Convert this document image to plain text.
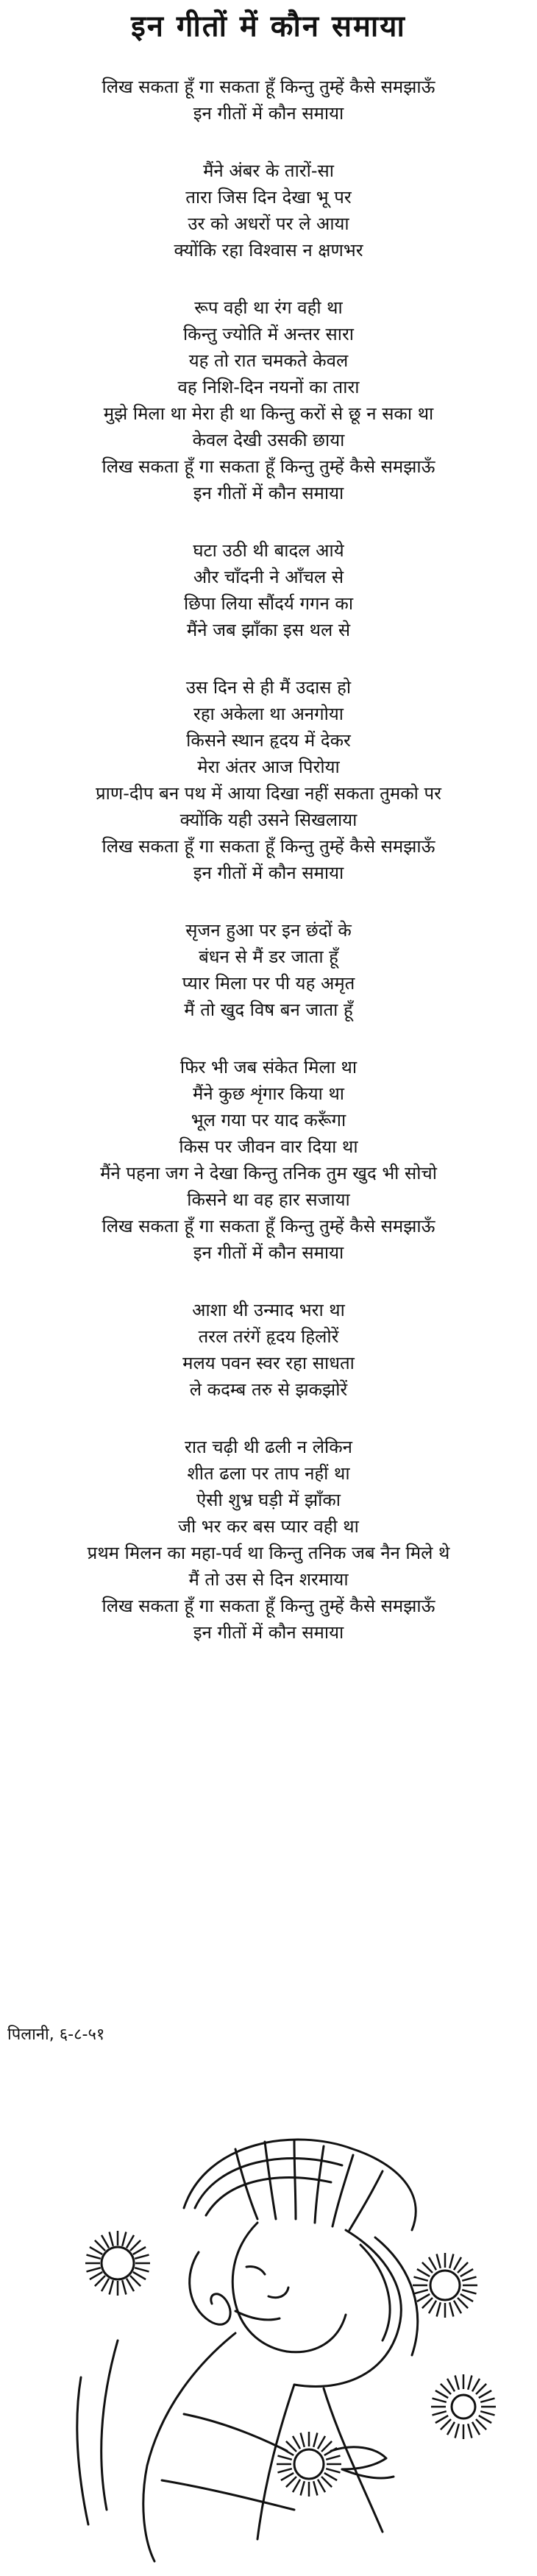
इन गीतों में कौन समाया
लिख सकता हूँ गा सकता हूँ किन्तु तुम्हें कैसे समझाऊँ
इन गीतों में कौन समाया
मैंने अंबर के तारों-सा
तारा जिस दिन देखा भू पर
उर को अधरों पर ले आया
क्योंकि रहा विश्वास न क्षणभर
रूप वही था रंग वही था
किन्तु ज्योति में अन्तर सारा
यह तो रात चमकते केवल
वह निशि-दिन नयनों का तारा
मुझे मिला था मेरा ही था किन्तु करों से छू न सका था
केवल देखी उसकी छाया
लिख सकता हूँ गा सकता हूँ किन्तु तुम्हें कैसे समझाऊँ
इन गीतों में कौन समाया
घटा उठी थी बादल आये
और चाँदनी ने आँचल से
छिपा लिया सौंदर्य गगन का
मैंने जब झाँका इस थल से
उस दिन से ही मैं उदास हो
रहा अकेला था अनगोया
किसने स्थान हृदय में देकर
मेरा अंतर आज पिरोया
प्राण-दीप बन पथ में आया दिखा नहीं सकता तुमको पर
क्योंकि यही उसने सिखलाया
लिख सकता हूँ गा सकता हूँ किन्तु तुम्हें कैसे समझाऊँ
इन गीतों में कौन समाया
सृजन हुआ पर इन छंदों के
बंधन से मैं डर जाता हूँ
प्यार मिला पर पी यह अमृत
मैं तो खुद विष बन जाता हूँ
फिर भी जब संकेत मिला था
मैंने कुछ शृंगार किया था
भूल गया पर याद करूँगा
किस पर जीवन वार दिया था
मैंने पहना जग ने देखा किन्तु तनिक तुम खुद भी सोचो
किसने था वह हार सजाया
लिख सकता हूँ गा सकता हूँ किन्तु तुम्हें कैसे समझाऊँ
इन गीतों में कौन समाया
आशा थी उन्माद भरा था
तरल तरंगें हृदय हिलोरें
मलय पवन स्वर रहा साधता
ले कदम्ब तरु से झकझोरें
रात चढ़ी थी ढली न लेकिन
शीत ढला पर ताप नहीं था
ऐसी शुभ्र घड़ी में झाँका
जी भर कर बस प्यार वही था
प्रथम मिलन का महा-पर्व था किन्तु तनिक जब नैन मिले थे
मैं तो उस से दिन शरमाया
लिख सकता हूँ गा सकता हूँ किन्तु तुम्हें कैसे समझाऊँ
इन गीतों में कौन समाया
पिलानी, ६-८-५१
